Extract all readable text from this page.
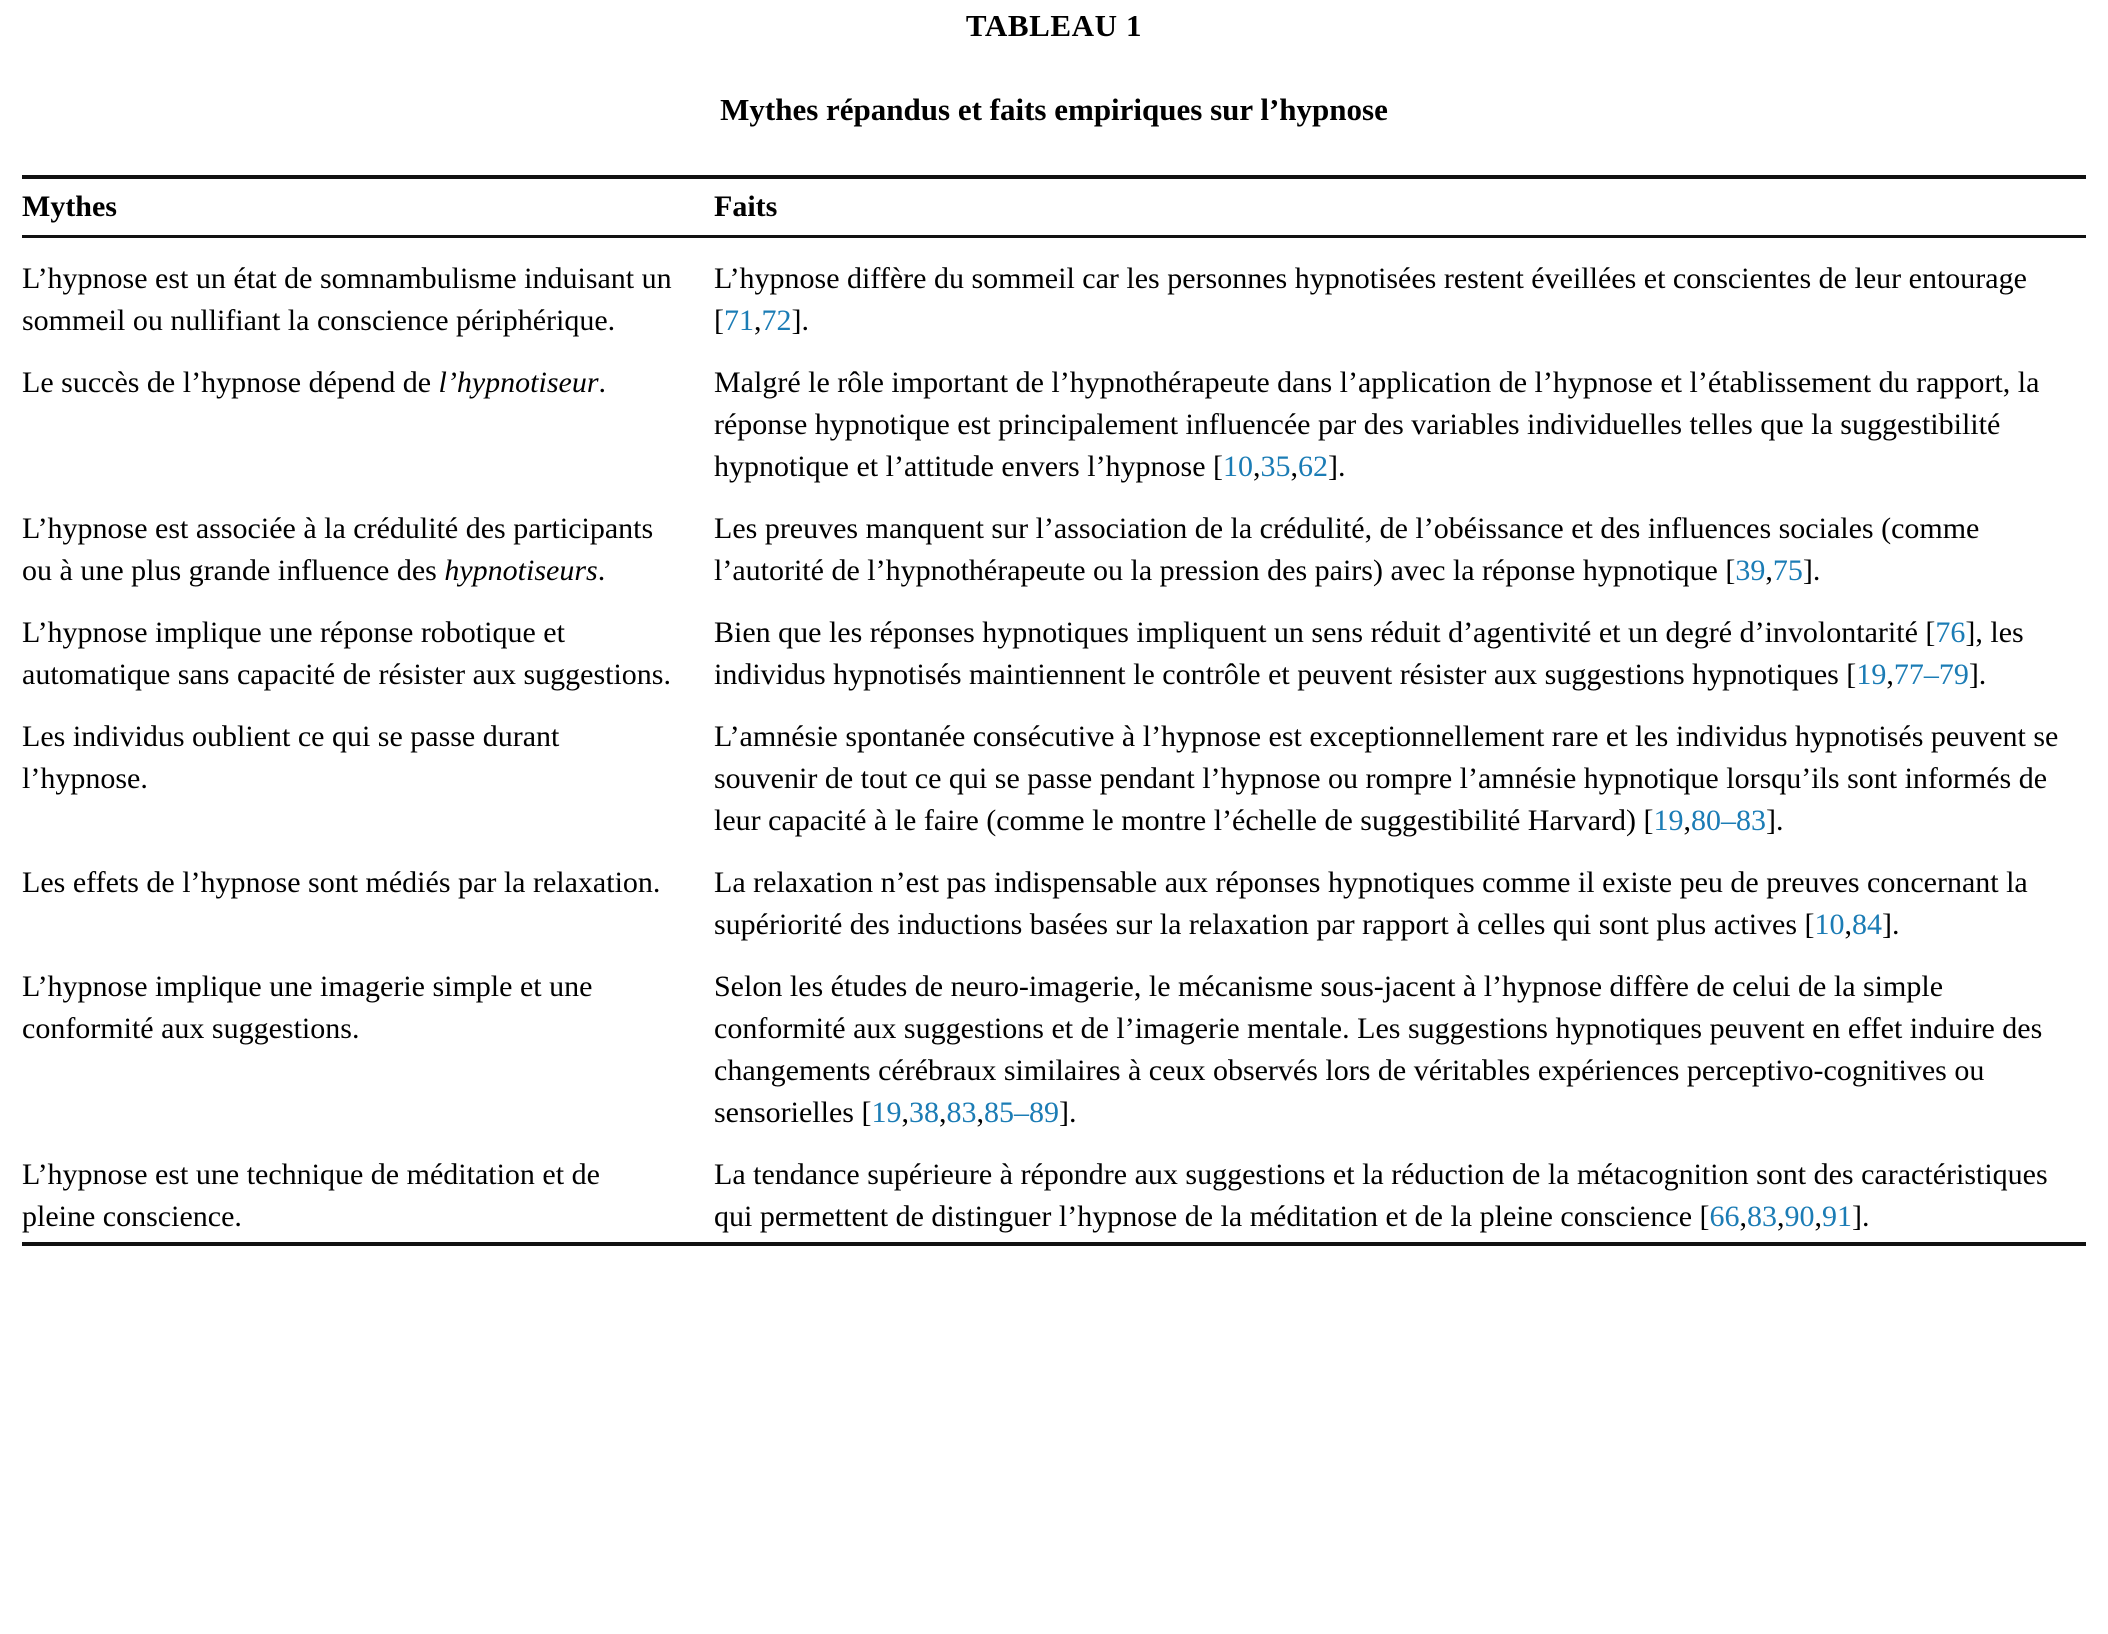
TABLEAU 1
Mythes répandus et faits empiriques sur l’hypnose
Mythes	Faits
L’hypnose est un état de somnambulisme induisant un sommeil ou nullifiant la conscience périphérique.	L’hypnose diffère du sommeil car les personnes hypnotisées restent éveillées et conscientes de leur entourage [71,72].
Le succès de l’hypnose dépend de l’hypnotiseur.	Malgré le rôle important de l’hypnothérapeute dans l’application de l’hypnose et l’établissement du rapport, la réponse hypnotique est principalement influencée par des variables individuelles telles que la suggestibilité hypnotique et l’attitude envers l’hypnose [10,35,62].
L’hypnose est associée à la crédulité des participants ou à une plus grande influence des hypnotiseurs.	Les preuves manquent sur l’association de la crédulité, de l’obéissance et des influences sociales (comme l’autorité de l’hypnothérapeute ou la pression des pairs) avec la réponse hypnotique [39,75].
L’hypnose implique une réponse robotique et automatique sans capacité de résister aux suggestions.	Bien que les réponses hypnotiques impliquent un sens réduit d’agentivité et un degré d’involontarité [76], les individus hypnotisés maintiennent le contrôle et peuvent résister aux suggestions hypnotiques [19,77–79].
Les individus oublient ce qui se passe durant l’hypnose.	L’amnésie spontanée consécutive à l’hypnose est exceptionnellement rare et les individus hypnotisés peuvent se souvenir de tout ce qui se passe pendant l’hypnose ou rompre l’amnésie hypnotique lorsqu’ils sont informés de leur capacité à le faire (comme le montre l’échelle de suggestibilité Harvard) [19,80–83].
Les effets de l’hypnose sont médiés par la relaxation.	La relaxation n’est pas indispensable aux réponses hypnotiques comme il existe peu de preuves concernant la supériorité des inductions basées sur la relaxation par rapport à celles qui sont plus actives [10,84].
L’hypnose implique une imagerie simple et une conformité aux suggestions.	Selon les études de neuro-imagerie, le mécanisme sous-jacent à l’hypnose diffère de celui de la simple conformité aux suggestions et de l’imagerie mentale. Les suggestions hypnotiques peuvent en effet induire des changements cérébraux similaires à ceux observés lors de véritables expériences perceptivo-cognitives ou sensorielles [19,38,83,85–89].
L’hypnose est une technique de méditation et de pleine conscience.	La tendance supérieure à répondre aux suggestions et la réduction de la métacognition sont des caractéristiques qui permettent de distinguer l’hypnose de la méditation et de la pleine conscience [66,83,90,91].
